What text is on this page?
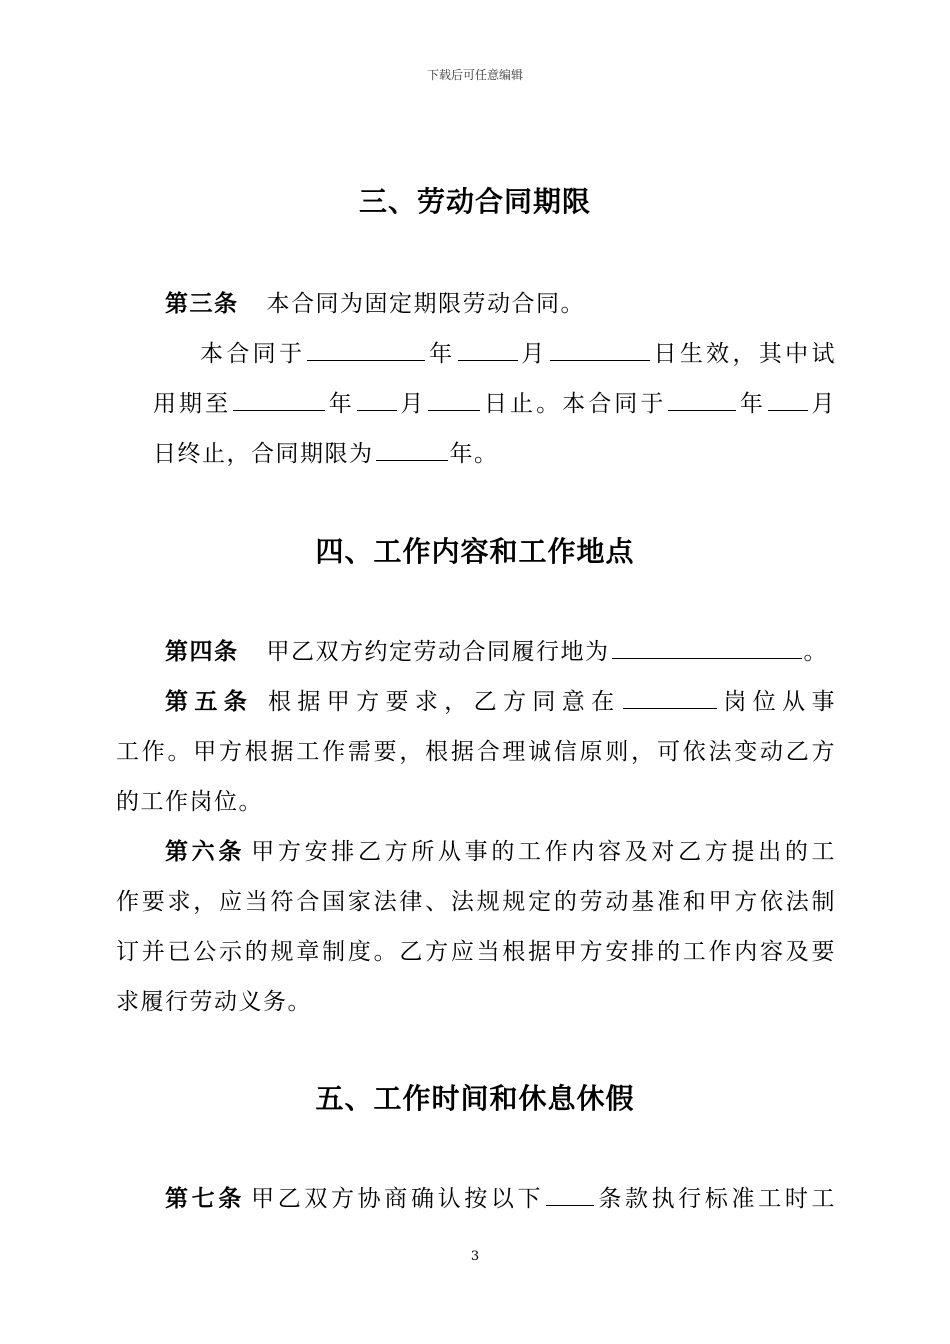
下载后可任意编辑
三、劳动合同期限
第三条 本合同为固定期限劳动合同。
本合同于	年	月	日生效，其中试
用期至	年 月 日止。本合同于	年 月
日终止，合同期限为	年。
四、工作内容和工作地点
第四条 甲乙双方约定劳动合同履行地为	。
第五条 根据甲方要求，乙方同意在	岗位从事
工作。甲方根据工作需要，根据合理诚信原则，可依法变动乙方
的工作岗位。
第六条 甲方安排乙方所从事的工作内容及对乙方提出的工
作要求，应当符合国家法律、法规规定的劳动基准和甲方依法制
订并已公示的规章制度。乙方应当根据甲方安排的工作内容及要
求履行劳动义务。
五、工作时间和休息休假
第七条 甲乙双方协商确认按以下 条款执行标准工时工
3
